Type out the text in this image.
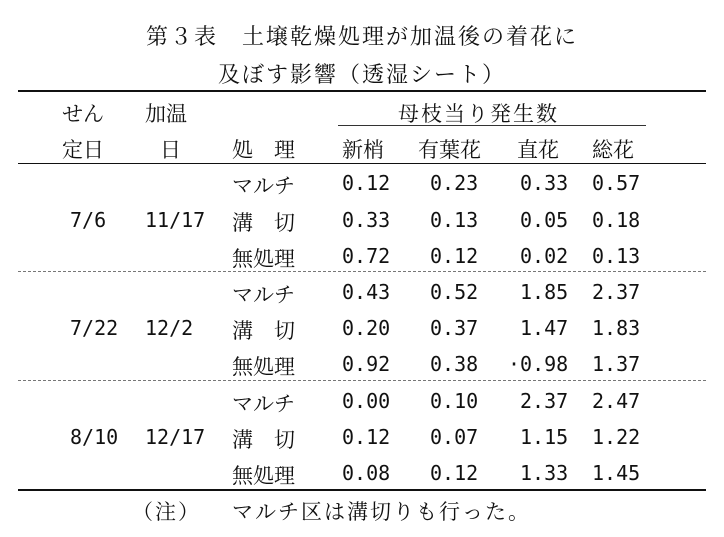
第３表　土壌乾燥処理が加温後の着花に
及ぼす影響（透湿シート）
せん
定日
加温
日 処　理
母枝当り発生数
新梢 有葉花 直花 総花
7/6 11/17
マルチ 0.12 0.23 0.33 0.57
溝　切 0.33 0.13 0.05 0.18
無処理 0.72 0.12 0.02 0.13
7/22 12/2
マルチ 0.43 0.52 1.85 2.37
溝　切 0.20 0.37 1.47 1.83
無処理 0.92 0.38 ·0.98 1.37
8/10 12/17
マルチ 0.00 0.10 2.37 2.47
溝　切 0.12 0.07 1.15 1.22
無処理 0.08 0.12 1.33 1.45
（注） マルチ区は溝切りも行った。
